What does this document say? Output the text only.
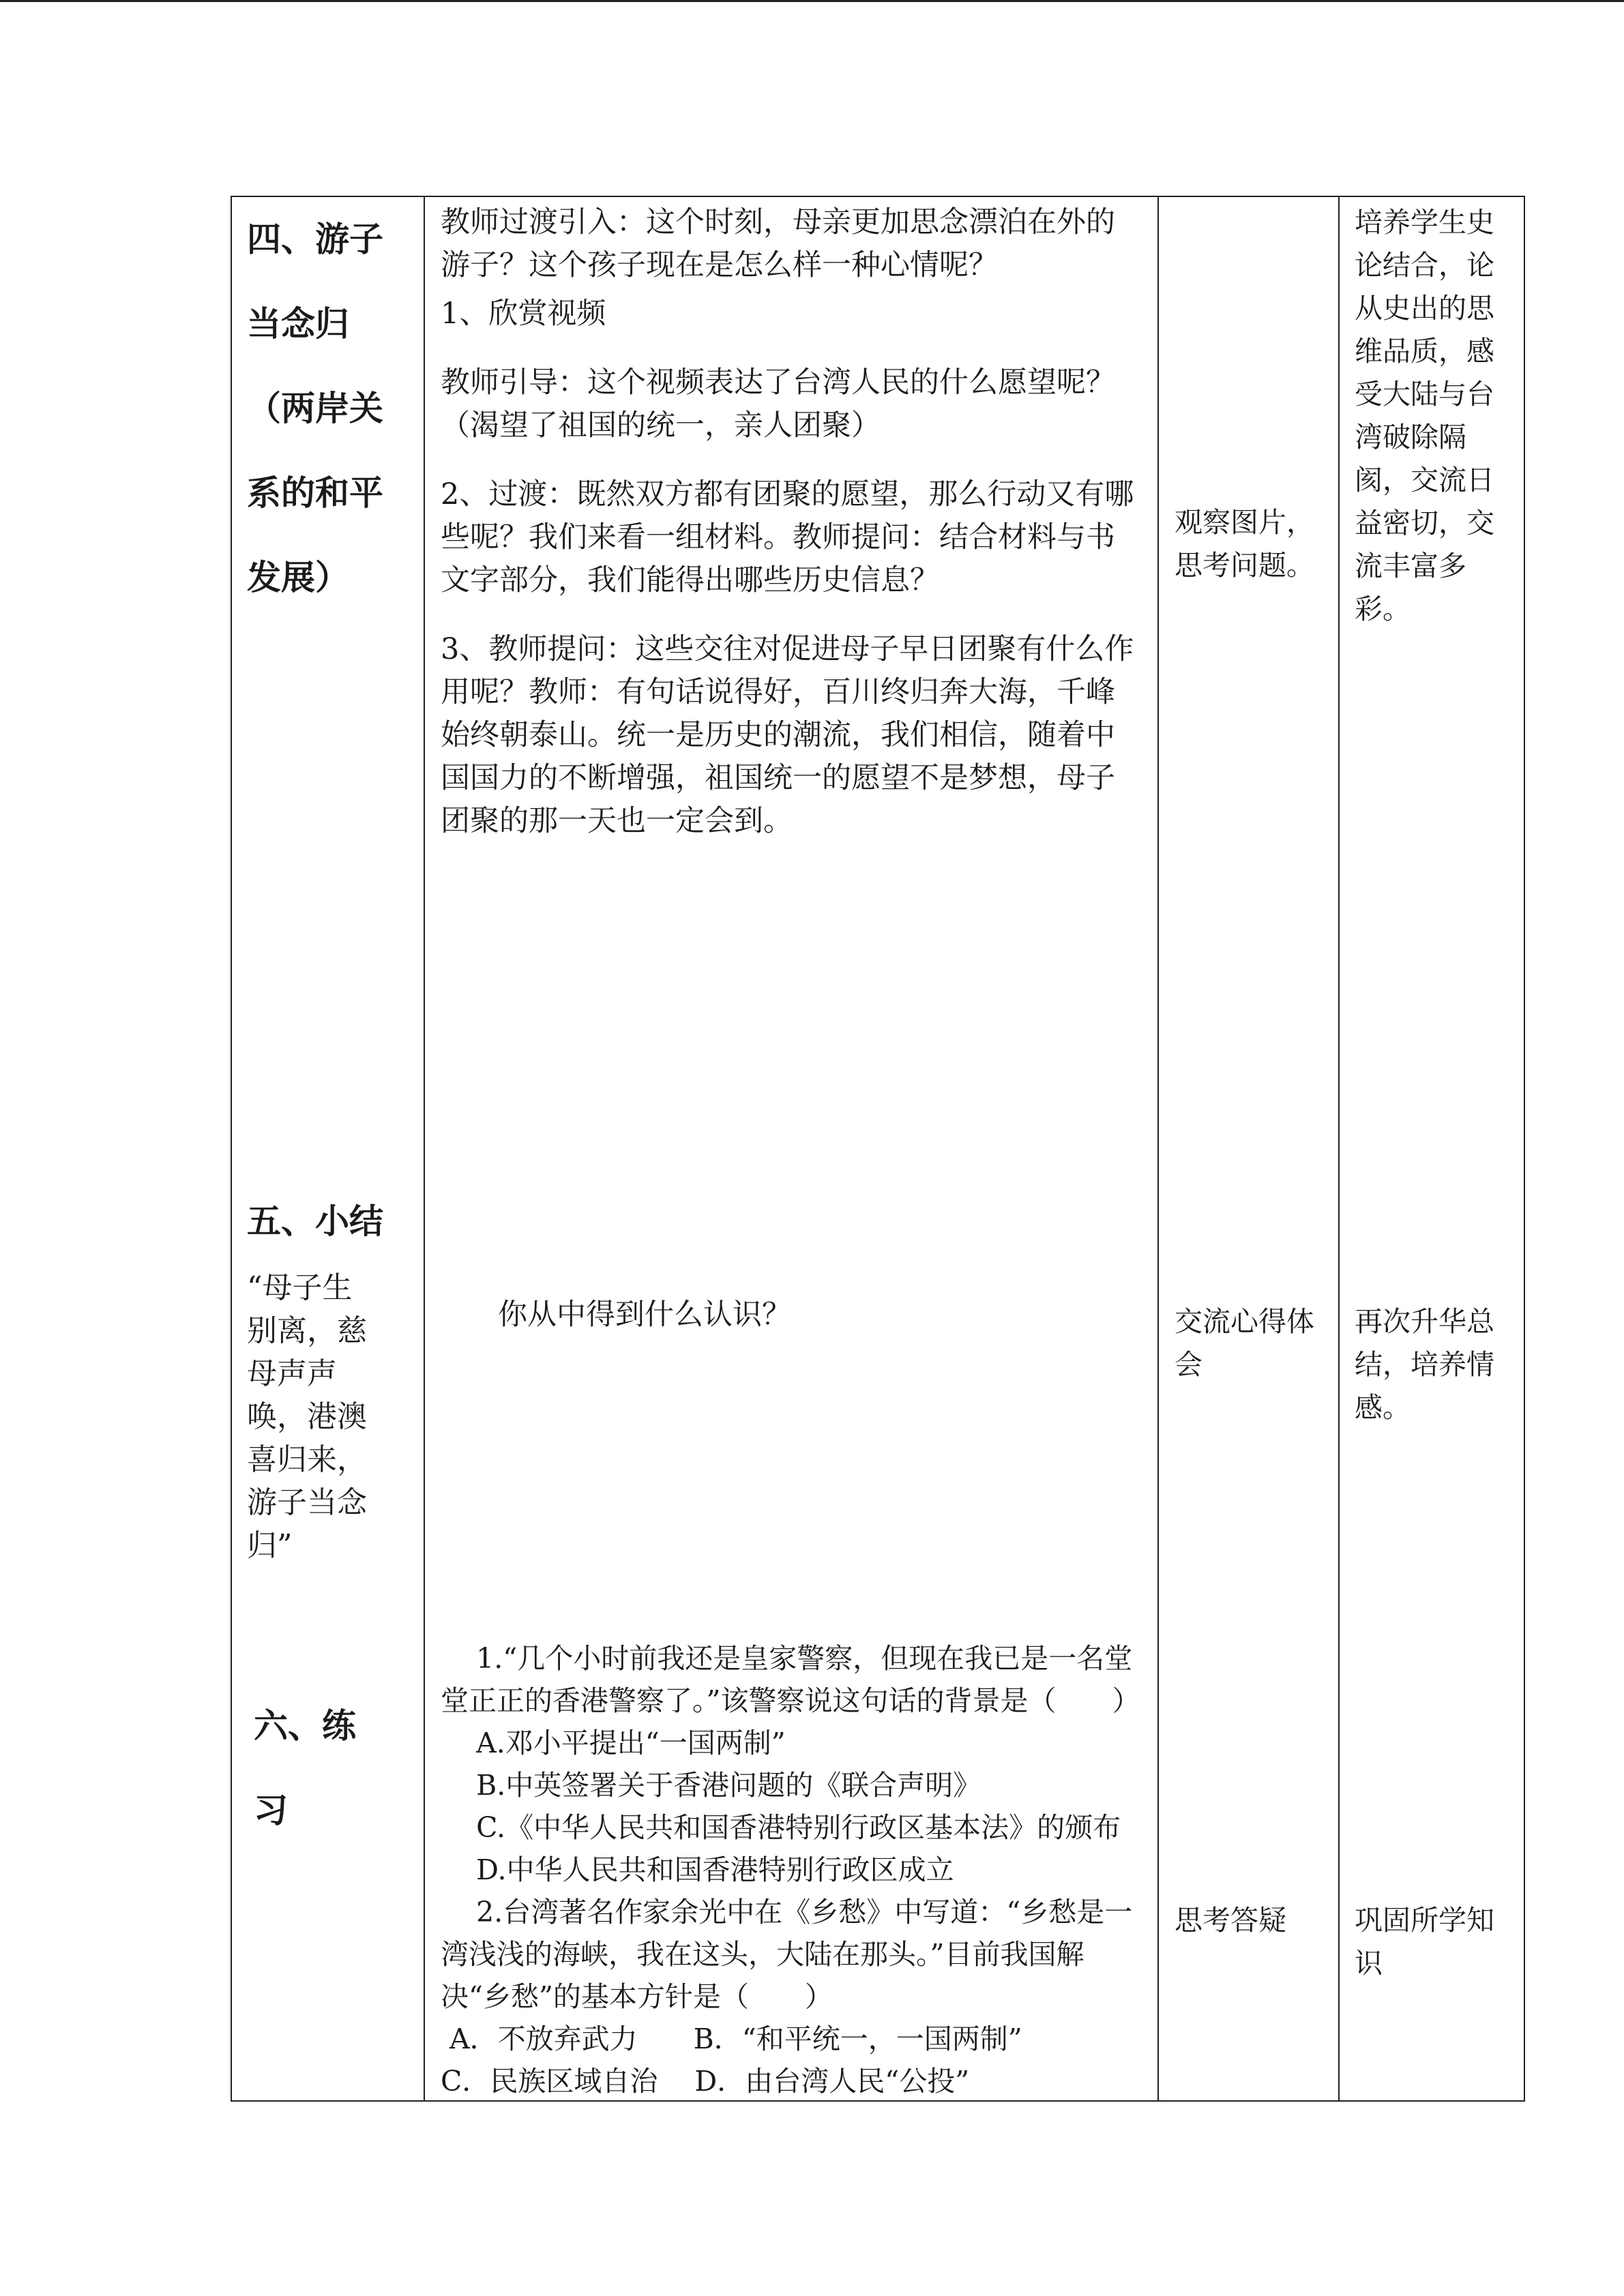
四、游子
当念归
（两岸关
系的和平
发展）

教师过渡引入：这个时刻，母亲更加思念漂泊在外的游子？这个孩子现在是怎么样一种心情呢？

1、欣赏视频

教师引导：这个视频表达了台湾人民的什么愿望呢？（渴望了祖国的统一，亲人团聚）

2、过渡：既然双方都有团聚的愿望，那么行动又有哪些呢？我们来看一组材料。教师提问：结合材料与书文字部分，我们能得出哪些历史信息？

3、教师提问：这些交往对促进母子早日团聚有什么作用呢？教师：有句话说得好，百川终归奔大海，千峰始终朝泰山。统一是历史的潮流，我们相信，随着中国国力的不断增强，祖国统一的愿望不是梦想，母子团聚的那一天也一定会到。

观察图片，
思考问题。
培养学生史
论结合，论
从史出的思
维品质，感
受大陆与台
湾破除隔
阂，交流日
益密切，交
流丰富多
彩。
五、小结
“母子生
别离，慈
母声声
唤，港澳
喜归来，
游子当念
归”
你从中得到什么认识？	交流心得体
会
再次升华总
结，培养情
感。
六、练
习

1.“几个小时前我还是皇家警察，但现在我已是一名堂堂正正的香港警察了。”该警察说这句话的背景是（　　）

A.邓小平提出“一国两制”

B.中英签署关于香港问题的《联合声明》

C.《中华人民共和国香港特别行政区基本法》的颁布

D.中华人民共和国香港特别行政区成立

2.台湾著名作家余光中在《乡愁》中写道：“乡愁是一湾浅浅的海峡，我在这头，大陆在那头。”目前我国解决“乡愁”的基本方针是（　　）

A．不放弃武力　　B．“和平统一，一国两制”

C．民族区域自治　 D．由台湾人民“公投”

思考答疑	巩固所学知
识
